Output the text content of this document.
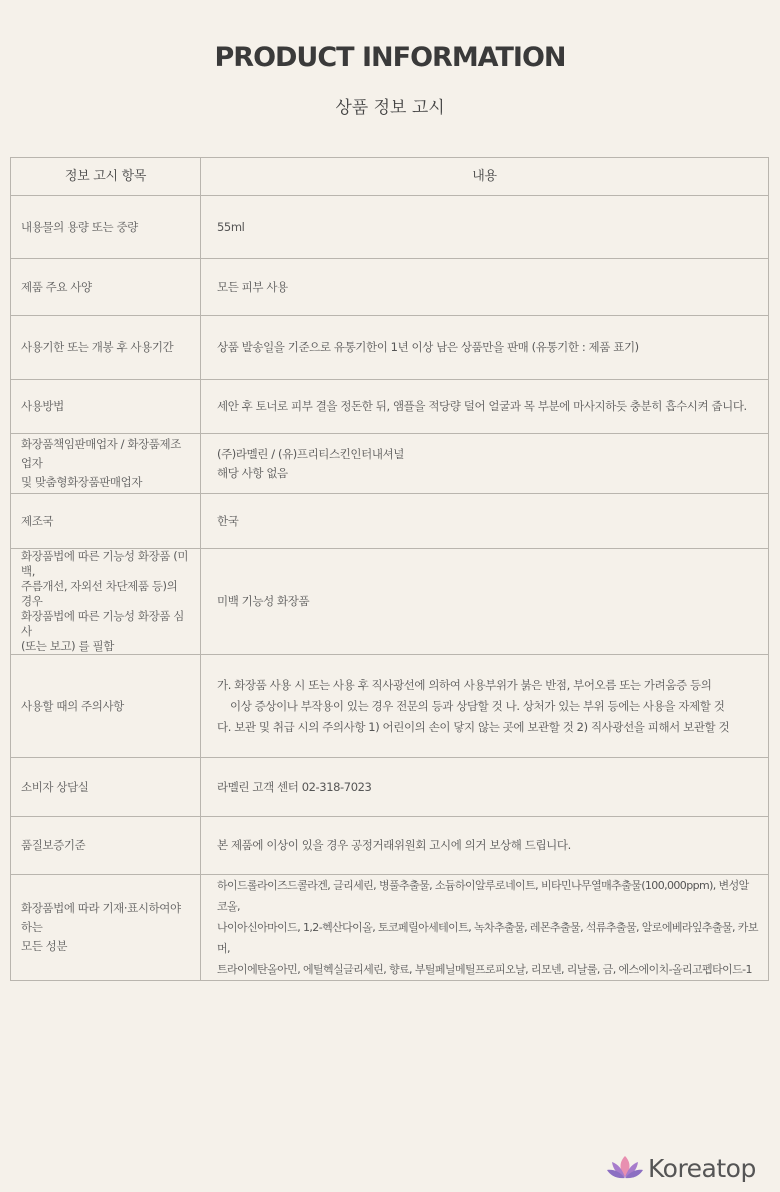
PRODUCT INFORMATION
상품 정보 고시
정보 고시 항목	내용

내용물의 용량 또는 중량	55ml

제품 주요 사양	모든 피부 사용

사용기한 또는 개봉 후 사용기간	상품 발송일을 기준으로 유통기한이 1년 이상 남은 상품만을 판매 (유통기한 : 제품 표기)

사용방법	세안 후 토너로 피부 결을 정돈한 뒤, 앰플을 적당량 덜어 얼굴과 목 부분에 마사지하듯 충분히 흡수시켜 줍니다.

화장품책임판매업자 / 화장품제조업자
및 맞춤형화장품판매업자	(주)라멜린 / (유)프리티스킨인터내셔널
해당 사항 없음

제조국	한국

화장품법에 따른 기능성 화장품 (미백,
주름개선, 자외선 차단제품 등)의 경우
화장품법에 따른 기능성 화장품 심사
(또는 보고) 를 필함	미백 기능성 화장품

사용할 때의 주의사항	가. 화장품 사용 시 또는 사용 후 직사광선에 의하여 사용부위가 붉은 반점, 부어오름 또는 가려움증 등의
이상 증상이나 부작용이 있는 경우 전문의 등과 상담할 것 나. 상처가 있는 부위 등에는 사용을 자제할 것
다. 보관 및 취급 시의 주의사항 1) 어린이의 손이 닿지 않는 곳에 보관할 것 2) 직사광선을 피해서 보관할 것

소비자 상담실	라멜린 고객 센터 02-318-7023

품질보증기준	본 제품에 이상이 있을 경우 공정거래위원회 고시에 의거 보상해 드립니다.

화장품법에 따라 기재·표시하여야 하는
모든 성분	하이드롤라이즈드콜라겐, 글리세린, 병풀추출물, 소듐하이알루로네이트, 비타민나무열매추출물(100,000ppm), 변성알코올,
나이아신아마이드, 1,2-헥산다이올, 토코페릴아세테이트, 녹차추출물, 레몬추출물, 석류추출물, 알로에베라잎추출물, 카보머,
트라이에탄올아민, 에틸헥실글리세린, 향료, 부틸페닐메틸프로피오날, 리모넨, 리날룰, 금, 에스에이치-올리고펩타이드-1
Koreatop
